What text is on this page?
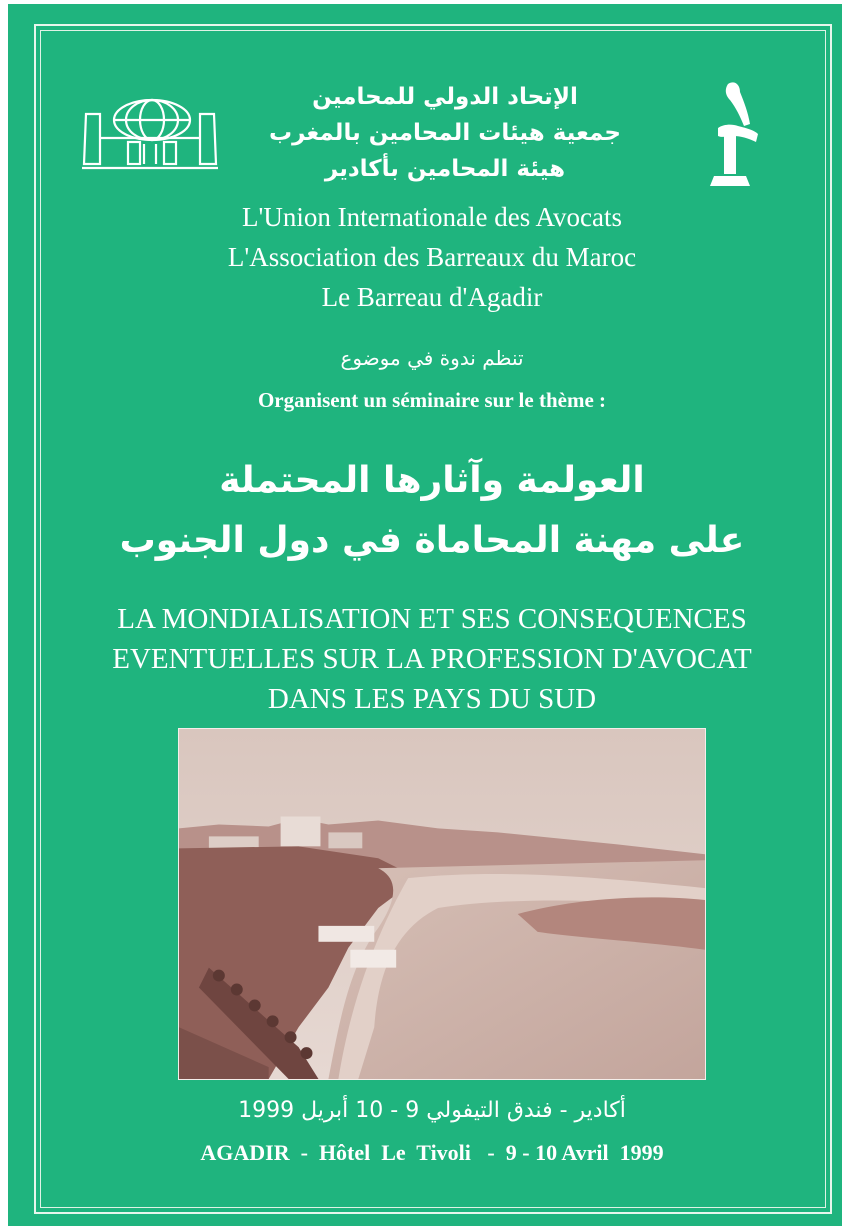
الإتحاد الدولي للمحامين
جمعية هيئات المحامين بالمغرب
هيئة المحامين بأكادير
L'Union Internationale des Avocats
L'Association des Barreaux du Maroc
Le Barreau d'Agadir
تنظم ندوة في موضوع
Organisent un séminaire sur le thème :
العولمة وآثارها المحتملة
على مهنة المحاماة في دول الجنوب
LA MONDIALISATION ET SES CONSEQUENCES
EVENTUELLES SUR LA PROFESSION D'AVOCAT
DANS LES PAYS DU SUD
أكادير - فندق التيفولي 9 - 10 أبريل 1999
AGADIR  -  Hôtel  Le  Tivoli   -  9 - 10 Avril  1999
